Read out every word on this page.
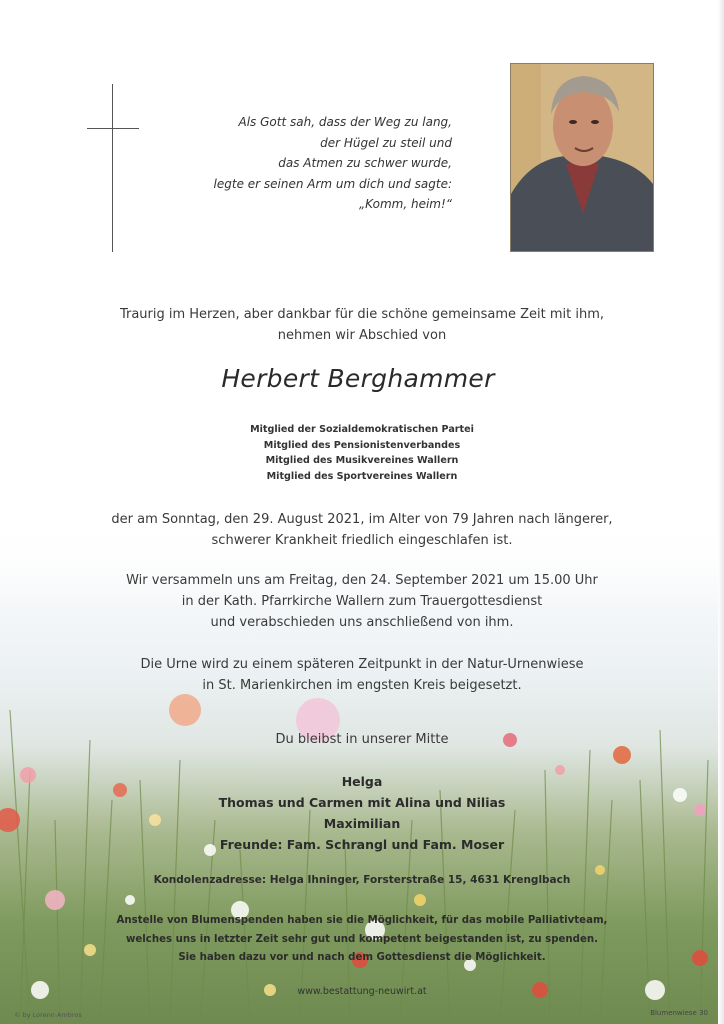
Als Gott sah, dass der Weg zu lang,
der Hügel zu steil und
das Atmen zu schwer wurde,
legte er seinen Arm um dich und sagte:
„Komm, heim!“
Traurig im Herzen, aber dankbar für die schöne gemeinsame Zeit mit ihm,
nehmen wir Abschied von
Herbert Berghammer
Mitglied der Sozialdemokratischen Partei
Mitglied des Pensionistenverbandes
Mitglied des Musikvereines Wallern
Mitglied des Sportvereines Wallern
der am Sonntag, den 29. August 2021, im Alter von 79 Jahren nach längerer,
schwerer Krankheit friedlich eingeschlafen ist.
Wir versammeln uns am Freitag, den 24. September 2021 um 15.00 Uhr
in der Kath. Pfarrkirche Wallern zum Trauergottesdienst
und verabschieden uns anschließend von ihm.
Die Urne wird zu einem späteren Zeitpunkt in der Natur-Urnenwiese
in St. Marienkirchen im engsten Kreis beigesetzt.
Du bleibst in unserer Mitte
Helga
Thomas und Carmen mit Alina und Nilias
Maximilian
Freunde: Fam. Schrangl und Fam. Moser
Kondolenzadresse: Helga Ihninger, Forsterstraße 15, 4631 Krenglbach
Anstelle von Blumenspenden haben sie die Möglichkeit, für das mobile Palliativteam,
welches uns in letzter Zeit sehr gut und kompetent beigestanden ist, zu spenden.
Sie haben dazu vor und nach dem Gottesdienst die Möglichkeit.
www.bestattung-neuwirt.at
© by Lorenn Ambros	Blumenwiese 30
